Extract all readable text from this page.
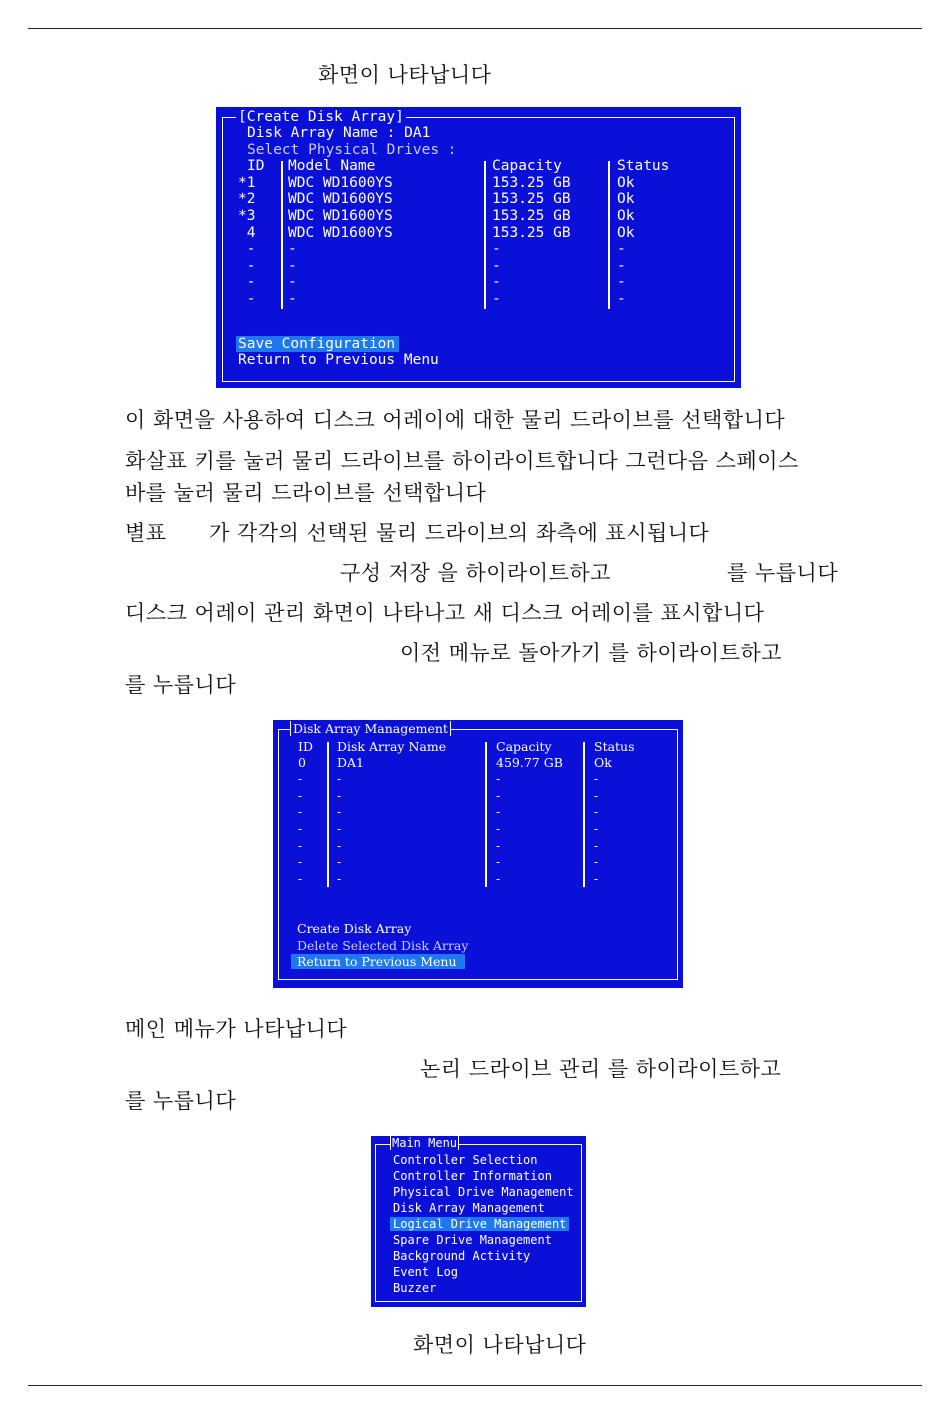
화면이 나타납니다
[Create Disk Array]
Disk Array Name : DA1
Select Physical Drives :
ID Model Name	Capacity	Status
*1 WDC WD1600YS	153.25 GB	Ok
*2 WDC WD1600YS	153.25 GB	Ok
*3 WDC WD1600YS	153.25 GB	Ok
4 WDC WD1600YS	153.25 GB	Ok
- -	-	-
- -	-	-
- -	-	-
- -	-	-
Save Configuration
Return to Previous Menu
이 화면을 사용하여 디스크 어레이에 대한 물리 드라이브를 선택합니다
화살표 키를 눌러 물리 드라이브를 하이라이트합니다 그런다음 스페이스
바를 눌러 물리 드라이브를 선택합니다
별표 가 각각의 선택된 물리 드라이브의 좌측에 표시됩니다
구성 저장 을 하이라이트하고	를 누릅니다
디스크 어레이 관리 화면이 나타나고 새 디스크 어레이를 표시합니다
이전 메뉴로 돌아가기 를 하이라이트하고
를 누릅니다
Disk Array Management
ID Disk Array Name	Capacity	Status
0 DA1	459.77 GB Ok
-	-	-	-
-	-	-	-
-	-	-	-
-	-	-	-
-	-	-	-
-	-	-	-
-	-	-	-
Create Disk Array
Delete Selected Disk Array
Return to Previous Menu
메인 메뉴가 나타납니다
논리 드라이브 관리 를 하이라이트하고
를 누릅니다
Main Menu
Controller Selection
Controller Information
Physical Drive Management
Disk Array Management
Logical Drive Management
Spare Drive Management
Background Activity
Event Log
Buzzer
화면이 나타납니다
